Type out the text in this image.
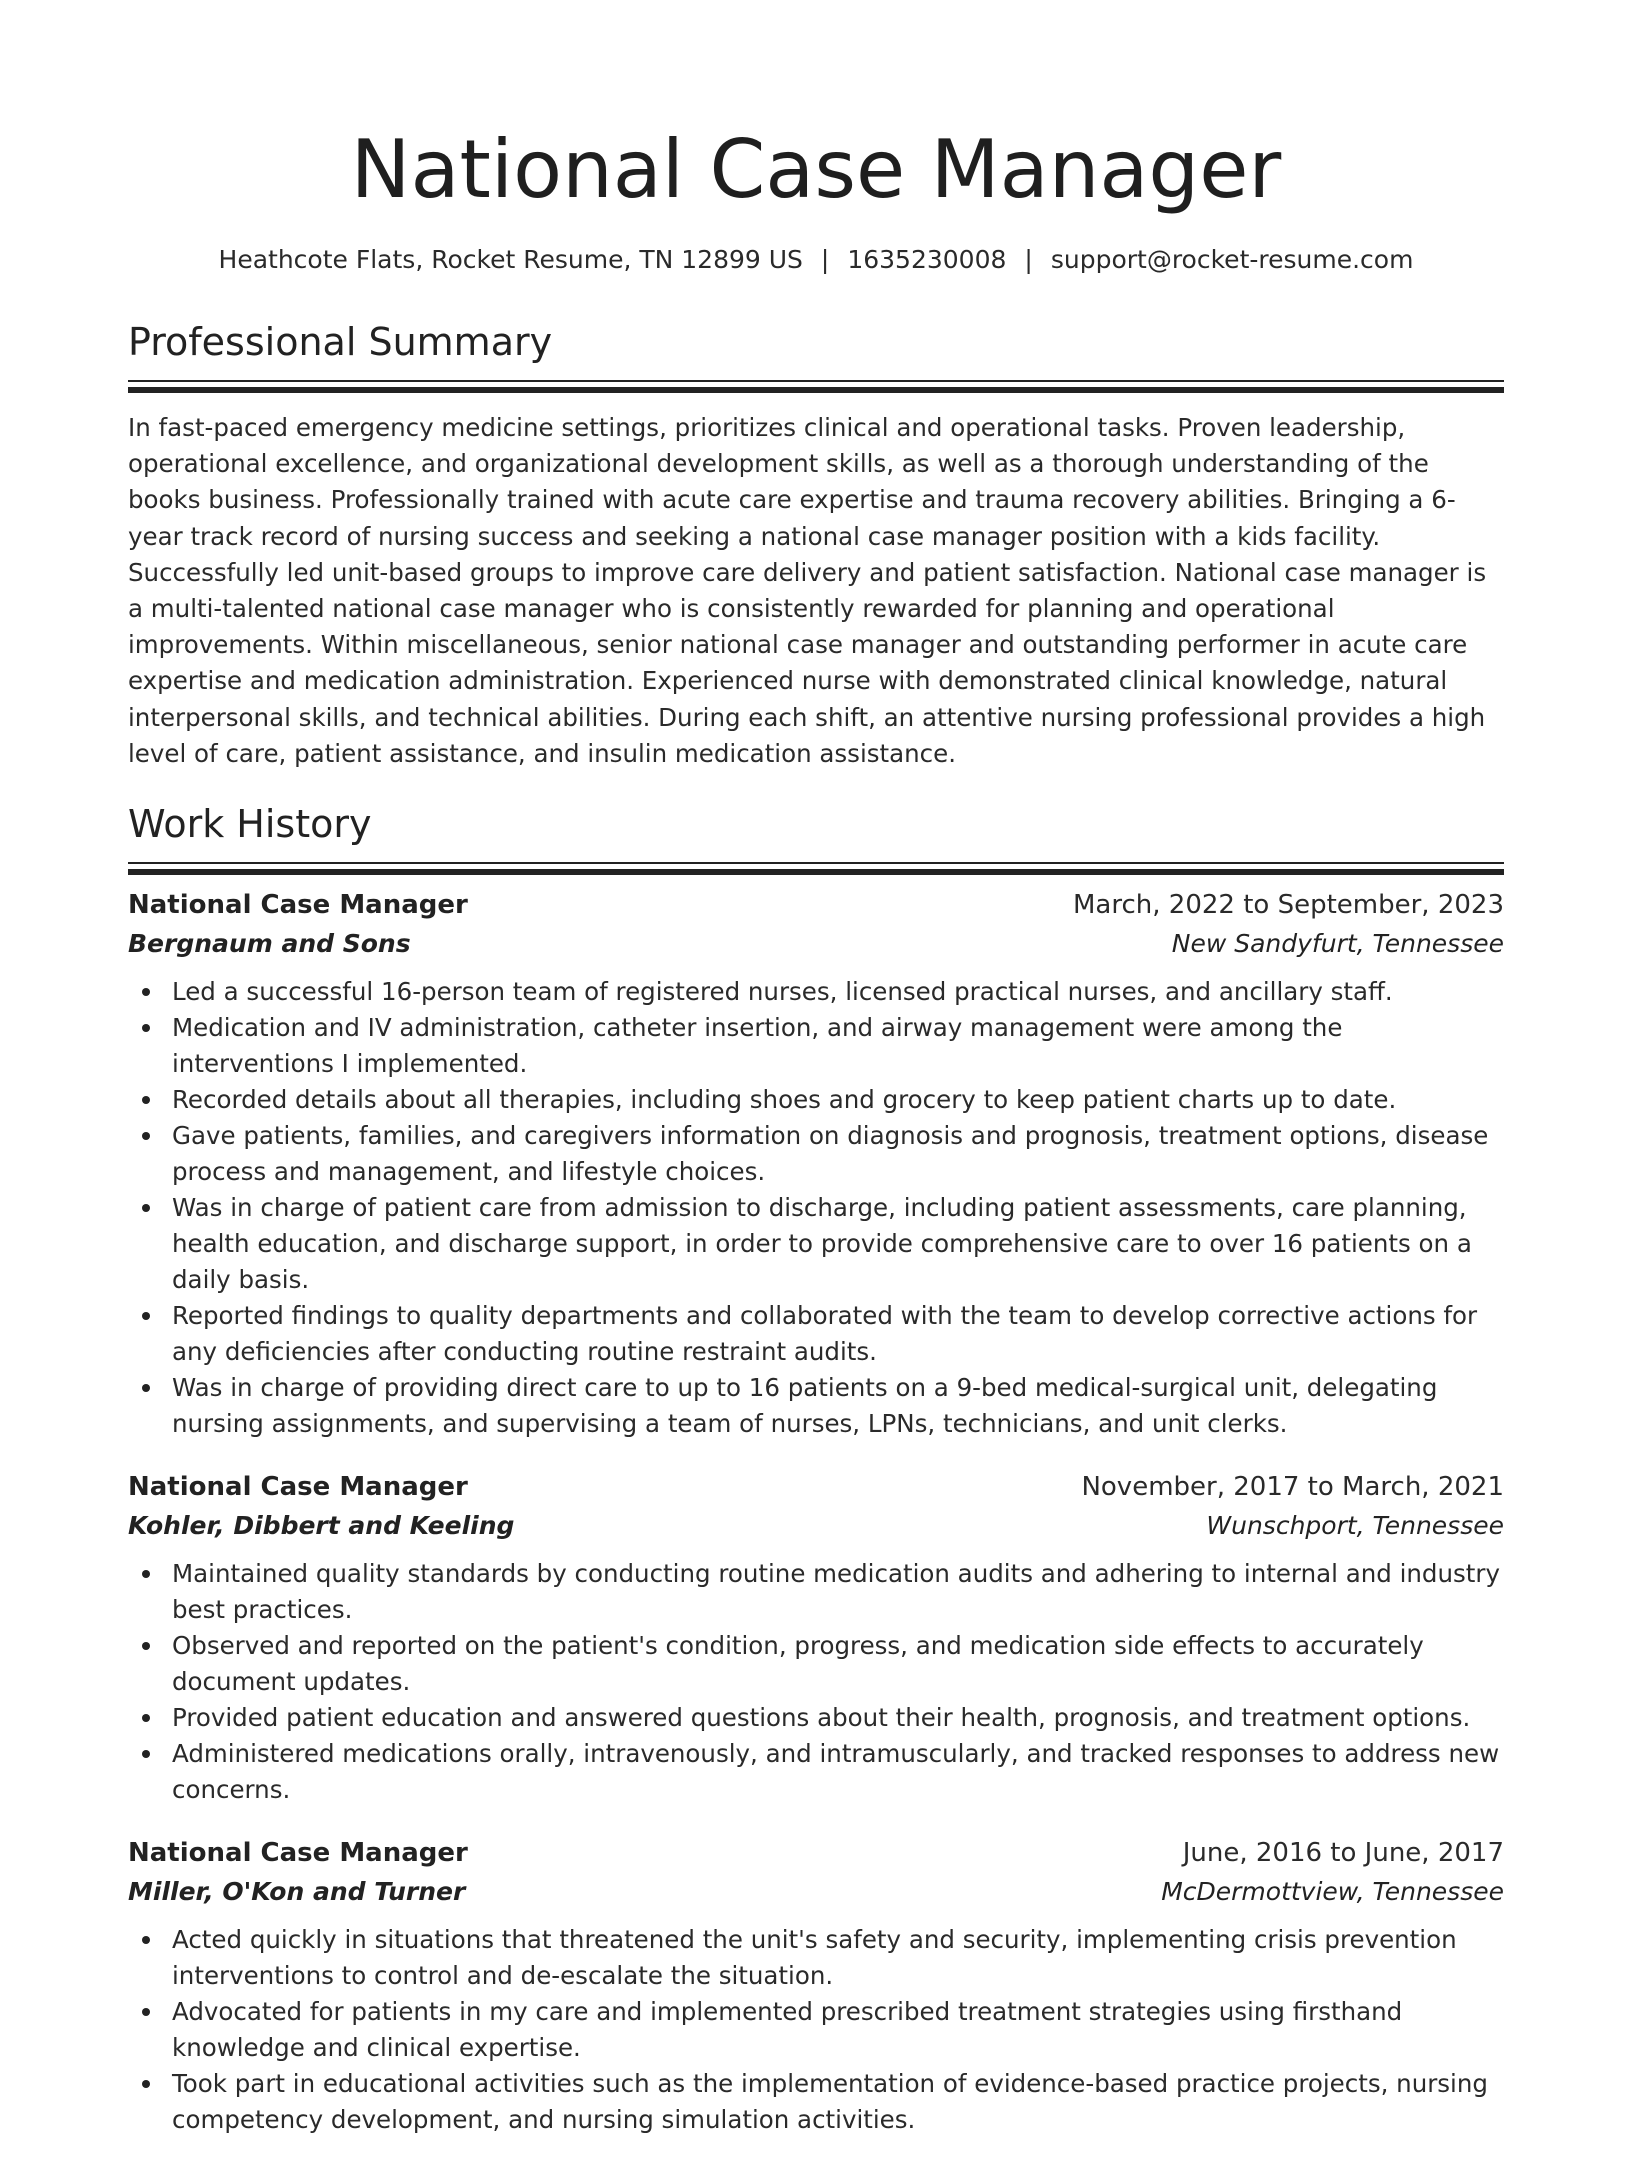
National Case Manager
Heathcote Flats, Rocket Resume, TN 12899 US | 1635230008 | support@rocket-resume.com
Professional Summary

In fast-paced emergency medicine settings, prioritizes clinical and operational tasks. Proven leadership, operational excellence, and organizational development skills, as well as a thorough understanding of the books business. Professionally trained with acute care expertise and trauma recovery abilities. Bringing a 6-year track record of nursing success and seeking a national case manager position with a kids facility. Successfully led unit-based groups to improve care delivery and patient satisfaction. National case manager is a multi-talented national case manager who is consistently rewarded for planning and operational improvements. Within miscellaneous, senior national case manager and outstanding performer in acute care expertise and medication administration. Experienced nurse with demonstrated clinical knowledge, natural interpersonal skills, and technical abilities. During each shift, an attentive nursing professional provides a high level of care, patient assistance, and insulin medication assistance.

Work History
National Case Manager	March, 2022 to September, 2023
Bergnaum and Sons	New Sandyfurt, Tennessee
Led a successful 16-person team of registered nurses, licensed practical nurses, and ancillary staff.
Medication and IV administration, catheter insertion, and airway management were among the interventions I implemented.
Recorded details about all therapies, including shoes and grocery to keep patient charts up to date.
Gave patients, families, and caregivers information on diagnosis and prognosis, treatment options, disease process and management, and lifestyle choices.
Was in charge of patient care from admission to discharge, including patient assessments, care planning, health education, and discharge support, in order to provide comprehensive care to over 16 patients on a daily basis.
Reported findings to quality departments and collaborated with the team to develop corrective actions for any deficiencies after conducting routine restraint audits.
Was in charge of providing direct care to up to 16 patients on a 9-bed medical-surgical unit, delegating nursing assignments, and supervising a team of nurses, LPNs, technicians, and unit clerks.
National Case Manager	November, 2017 to March, 2021
Kohler, Dibbert and Keeling	Wunschport, Tennessee
Maintained quality standards by conducting routine medication audits and adhering to internal and industry best practices.
Observed and reported on the patient's condition, progress, and medication side effects to accurately document updates.
Provided patient education and answered questions about their health, prognosis, and treatment options.
Administered medications orally, intravenously, and intramuscularly, and tracked responses to address new concerns.
National Case Manager	June, 2016 to June, 2017
Miller, O'Kon and Turner	McDermottview, Tennessee
Acted quickly in situations that threatened the unit's safety and security, implementing crisis prevention interventions to control and de-escalate the situation.
Advocated for patients in my care and implemented prescribed treatment strategies using firsthand knowledge and clinical expertise.
Took part in educational activities such as the implementation of evidence-based practice projects, nursing competency development, and nursing simulation activities.
